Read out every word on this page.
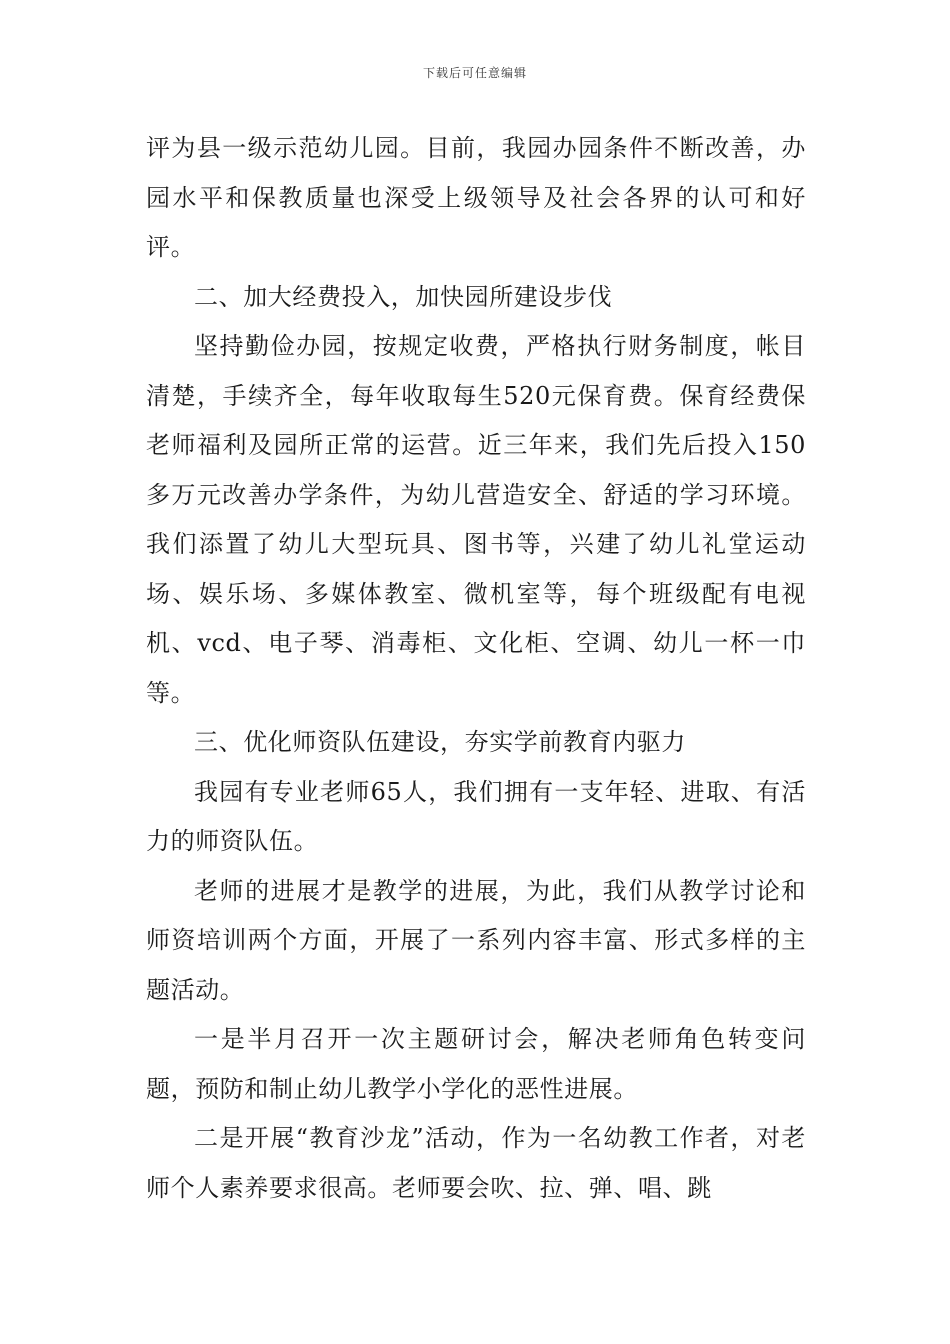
下载后可任意编辑

评为县一级示范幼儿园。目前，我园办园条件不断改善，办园水平和保教质量也深受上级领导及社会各界的认可和好评。

二、加大经费投入，加快园所建设步伐

坚持勤俭办园，按规定收费，严格执行财务制度，帐目清楚，手续齐全，每年收取每生520元保育费。保育经费保老师福利及园所正常的运营。近三年来，我们先后投入150多万元改善办学条件，为幼儿营造安全、舒适的学习环境。我们添置了幼儿大型玩具、图书等，兴建了幼儿礼堂运动场、娱乐场、多媒体教室、微机室等，每个班级配有电视机、vcd、电子琴、消毒柜、文化柜、空调、幼儿一杯一巾等。

三、优化师资队伍建设，夯实学前教育内驱力

我园有专业老师65人，我们拥有一支年轻、进取、有活力的师资队伍。

老师的进展才是教学的进展，为此，我们从教学讨论和师资培训两个方面，开展了一系列内容丰富、形式多样的主题活动。

一是半月召开一次主题研讨会，解决老师角色转变问题，预防和制止幼儿教学小学化的恶性进展。

二是开展“教育沙龙”活动，作为一名幼教工作者，对老师个人素养要求很高。老师要会吹、拉、弹、唱、跳
